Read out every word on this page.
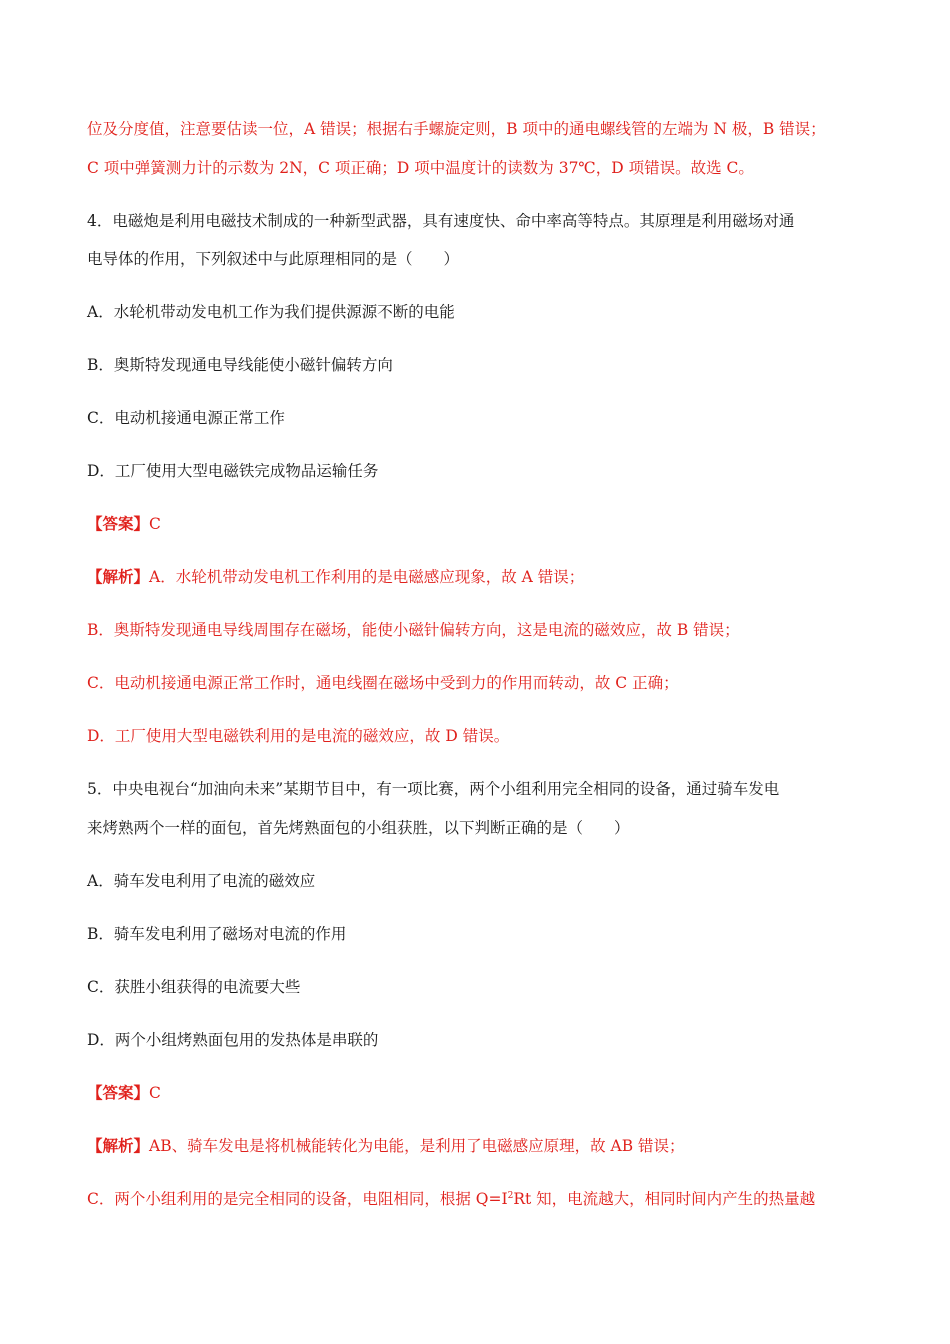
位及分度值，注意要估读一位，A 错误；根据右手螺旋定则，B 项中的通电螺线管的左端为 N 极，B 错误；
C 项中弹簧测力计的示数为 2N，C 项正确；D 项中温度计的读数为 37℃，D 项错误。故选 C。
4．电磁炮是利用电磁技术制成的一种新型武器，具有速度快、命中率高等特点。其原理是利用磁场对通
电导体的作用，下列叙述中与此原理相同的是（　　）
A．水轮机带动发电机工作为我们提供源源不断的电能
B．奥斯特发现通电导线能使小磁针偏转方向
C．电动机接通电源正常工作
D．工厂使用大型电磁铁完成物品运输任务
【答案】C
【解析】A．水轮机带动发电机工作利用的是电磁感应现象，故 A 错误；
B．奥斯特发现通电导线周围存在磁场，能使小磁针偏转方向，这是电流的磁效应，故 B 错误；
C．电动机接通电源正常工作时，通电线圈在磁场中受到力的作用而转动，故 C 正确；
D．工厂使用大型电磁铁利用的是电流的磁效应，故 D 错误。
5．中央电视台“加油向未来”某期节目中，有一项比赛，两个小组利用完全相同的设备，通过骑车发电
来烤熟两个一样的面包，首先烤熟面包的小组获胜，以下判断正确的是（　　）
A．骑车发电利用了电流的磁效应
B．骑车发电利用了磁场对电流的作用
C．获胜小组获得的电流要大些
D．两个小组烤熟面包用的发热体是串联的
【答案】C
【解析】AB、骑车发电是将机械能转化为电能，是利用了电磁感应原理，故 AB 错误；
C．两个小组利用的是完全相同的设备，电阻相同，根据 $Q=I^2Rt$ 知，电流越大，相同时间内产生的热量越
